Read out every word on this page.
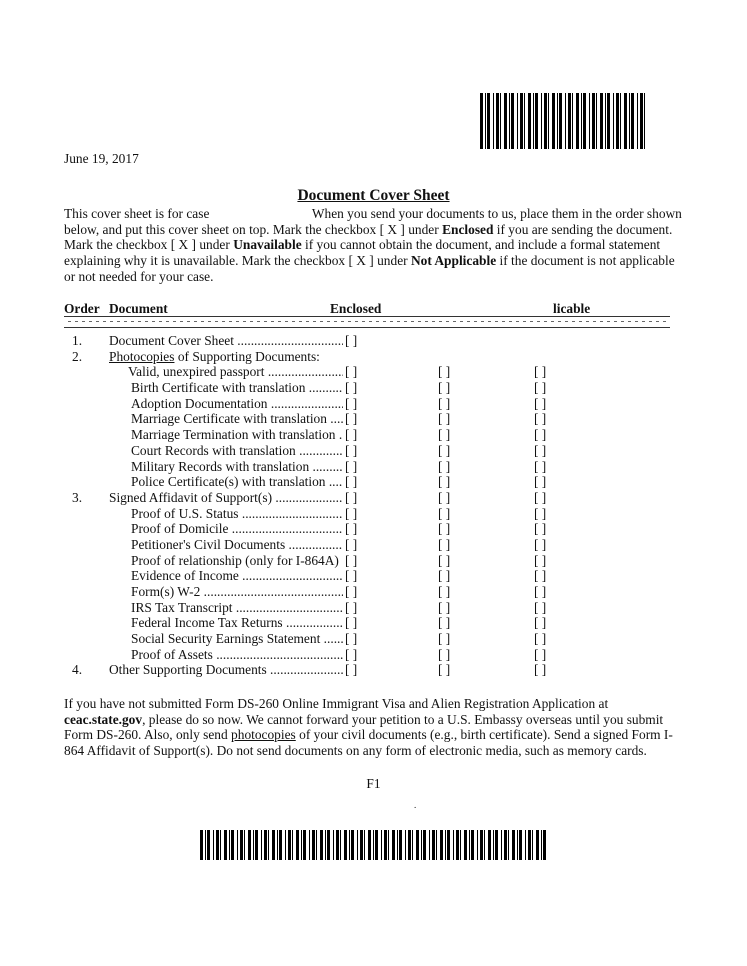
June 19, 2017
Document Cover Sheet
This cover sheet is for case	When you send your documents to us, place them in the order shown below, and put this cover sheet on top. Mark the checkbox [ X ] under Enclosed if you are sending the document. Mark the checkbox [ X ] under Unavailable if you cannot obtain the document, and include a formal statement explaining why it is unavailable. Mark the checkbox [ X ] under Not Applicable if the document is not applicable or not needed for your case.
Order Document	Enclosed	licable
1. Document Cover Sheet .....	[ ]
2. Photocopies of Supporting Documents:
Valid, unexpired passport .....	[ ]	[ ]	[ ]
Birth Certificate with translation .....	[ ]	[ ]	[ ]
Adoption Documentation .....	[ ]	[ ]	[ ]
Marriage Certificate with translation .....	[ ]	[ ]	[ ]
Marriage Termination with translation ..... [ ]	[ ]	[ ]
Court Records with translation .....	[ ]	[ ]	[ ]
Military Records with translation .....	[ ]	[ ]	[ ]
Police Certificate(s) with translation .....	[ ]	[ ]	[ ]
3. Signed Affidavit of Support(s) .....	[ ]	[ ]	[ ]
Proof of U.S. Status .....	[ ]	[ ]	[ ]
Proof of Domicile .....	[ ]	[ ]	[ ]
Petitioner's Civil Documents .....	[ ]	[ ]	[ ]
Proof of relationship (only for I-864A) ..... [ ]	[ ]	[ ]
Evidence of Income .....	[ ]	[ ]	[ ]
Form(s) W-2 .....	[ ]	[ ]	[ ]
IRS Tax Transcript .....	[ ]	[ ]	[ ]
Federal Income Tax Returns .....	[ ]	[ ]	[ ]
Social Security Earnings Statement .....	[ ]	[ ]	[ ]
Proof of Assets .....	[ ]	[ ]	[ ]
4. Other Supporting Documents .....	[ ]	[ ]	[ ]
If you have not submitted Form DS-260 Online Immigrant Visa and Alien Registration Application at ceac.state.gov, please do so now. We cannot forward your petition to a U.S. Embassy overseas until you submit Form DS-260. Also, only send photocopies of your civil documents (e.g., birth certificate). Send a signed Form I-864 Affidavit of Support(s). Do not send documents on any form of electronic media, such as memory cards.
F1
.
